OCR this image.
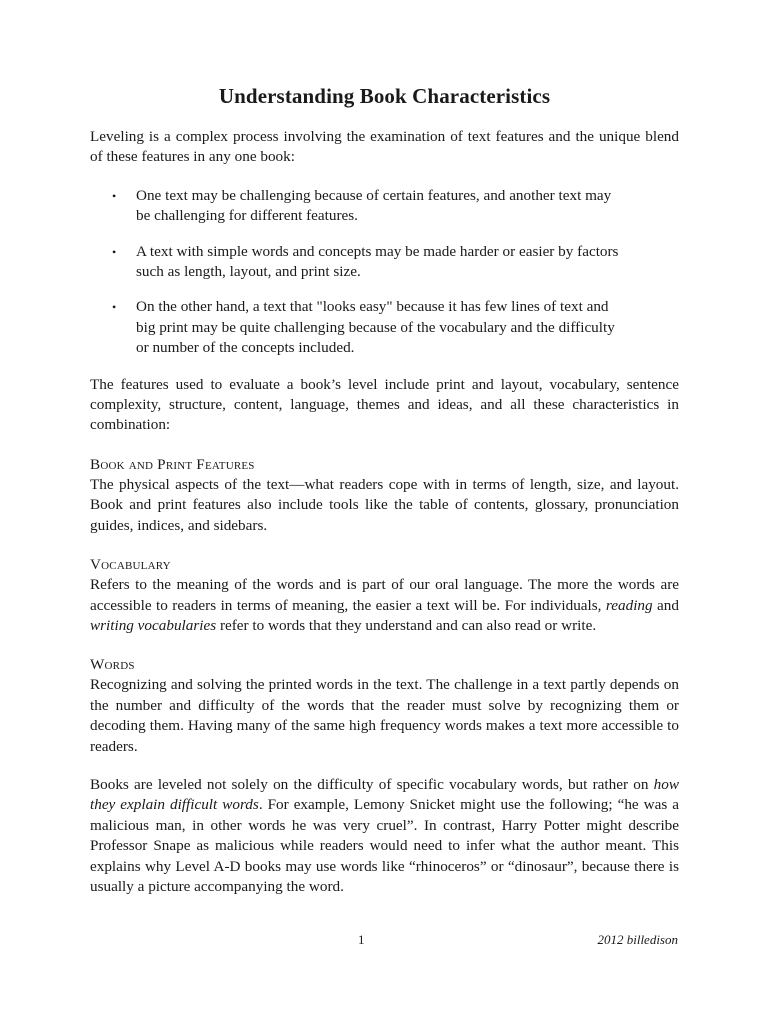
Understanding Book Characteristics

Leveling is a complex process involving the examination of text features and the unique blend of these features in any one book:

• One text may be challenging because of certain features, and another text may be challenging for different features.
• A text with simple words and concepts may be made harder or easier by factors such as length, layout, and print size.
• On the other hand, a text that "looks easy" because it has few lines of text and big print may be quite challenging because of the vocabulary and the difficulty or number of the concepts included.

The features used to evaluate a book’s level include print and layout, vocabulary, sentence complexity, structure, content, language, themes and ideas, and all these characteristics in combination:

Book and Print Features

The physical aspects of the text—what readers cope with in terms of length, size, and layout. Book and print features also include tools like the table of contents, glossary, pronunciation guides, indices, and sidebars.

Vocabulary

Refers to the meaning of the words and is part of our oral language. The more the words are accessible to readers in terms of meaning, the easier a text will be. For individuals, reading and writing vocabularies refer to words that they understand and can also read or write.

Words

Recognizing and solving the printed words in the text. The challenge in a text partly depends on the number and difficulty of the words that the reader must solve by recognizing them or decoding them. Having many of the same high frequency words makes a text more accessible to readers.

Books are leveled not solely on the difficulty of specific vocabulary words, but rather on how they explain difficult words. For example, Lemony Snicket might use the following; “he was a malicious man, in other words he was very cruel”. In contrast, Harry Potter might describe Professor Snape as malicious while readers would need to infer what the author meant. This explains why Level A-D books may use words like “rhinoceros” or “dinosaur”, because there is usually a picture accompanying the word.

1	2012 billedison
